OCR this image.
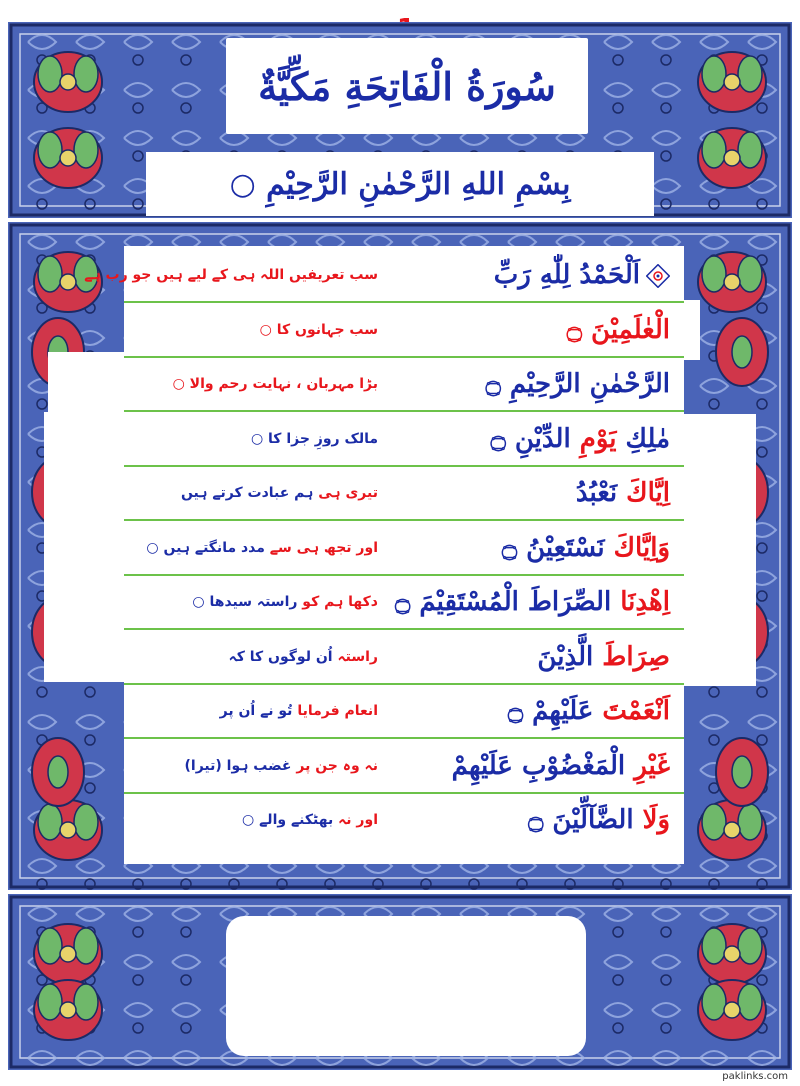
سُورَةُ الْفَاتِحَةِ مَكِّيَّةٌ
بِسْمِ اللهِ الرَّحْمٰنِ الرَّحِيْمِ ○
اَلْحَمْدُ لِلّٰهِ رَبِّ
سب تعریفیں اللہ ہی کے لیے ہیں جو رب ہے
الْعٰلَمِيْنَ ۝
سب جہانوں کا ○
الرَّحْمٰنِ الرَّحِيْمِ ۝
بڑا مہربان ، نہایت رحم والا ○
مٰلِكِ يَوْمِ الدِّيْنِ ۝
مالک روزِ جزا کا ○
اِيَّاكَ نَعْبُدُ
تیری ہی ہم عبادت کرتے ہیں
وَاِيَّاكَ نَسْتَعِيْنُ ۝
اور تجھ ہی سے مدد مانگتے ہیں ○
اِهْدِنَا الصِّرَاطَ الْمُسْتَقِيْمَ ۝
دکھا ہم کو راستہ سیدھا ○
صِرَاطَ الَّذِيْنَ
راستہ اُن لوگوں کا کہ
اَنْعَمْتَ عَلَيْهِمْ ۝
انعام فرمایا تُو نے اُن پر
غَيْرِ الْمَغْضُوْبِ عَلَيْهِمْ
نہ وہ جن پر غضب ہوا (تیرا)
وَلَا الضَّآلِّيْنَ ۝
اور نہ بھٹکنے والے ○
paklinks.com
